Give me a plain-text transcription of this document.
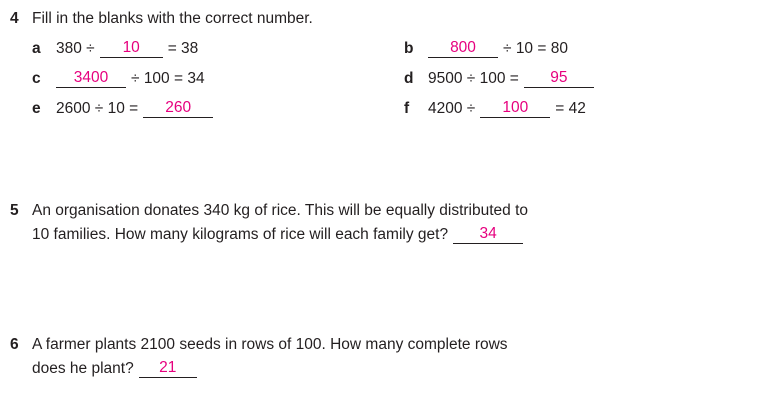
4 Fill in the blanks with the correct number.
a 380 ÷	10	= 38	b	800	÷ 10 = 80
c	3400	÷ 100 = 34	d 9500 ÷ 100 =	95
e 2600 ÷ 10 =	260	f	4200 ÷	100	= 42
5 An organisation donates 340 kg of rice. This will be equally distributed to
10 families. How many kilograms of rice will each family get?	34
6 A farmer plants 2100 seeds in rows of 100. How many complete rows
does he plant?	21
